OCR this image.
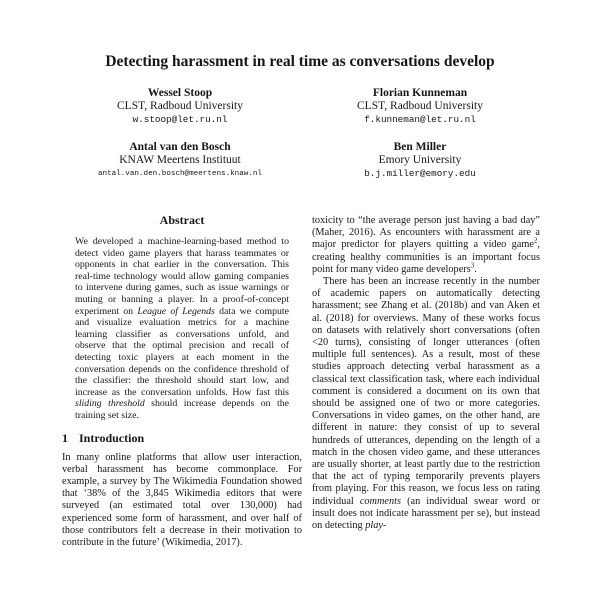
Detecting harassment in real time as conversations develop
Wessel Stoop
CLST, Radboud University
w.stoop@let.ru.nl
Florian Kunneman
CLST, Radboud University
f.kunneman@let.ru.nl
Antal van den Bosch
KNAW Meertens Instituut
antal.van.den.bosch@meertens.knaw.nl
Ben Miller
Emory University
b.j.miller@emory.edu
Abstract

We developed a machine-learning-based method to detect video game players that harass teammates or opponents in chat earlier in the conversation. This real-time technology would allow gaming companies to intervene during games, such as issue warnings or muting or banning a player. In a proof-of-concept experiment on League of Legends data we compute and visualize evaluation metrics for a machine learning classifier as conversations unfold, and observe that the optimal precision and recall of detecting toxic players at each moment in the conversation depends on the confidence threshold of the classifier: the threshold should start low, and increase as the conversation unfolds. How fast this sliding threshold should increase depends on the training set size.

1 Introduction

In many online platforms that allow user interaction, verbal harassment has become commonplace. For example, a survey by The Wikimedia Foundation showed that ‘38% of the 3,845 Wikimedia editors that were surveyed (an estimated total over 130,000) had experienced some form of harassment, and over half of those contributors felt a decrease in their motivation to contribute in the future’ (Wikimedia, 2017).

toxicity to “the average person just having a bad day” (Maher, 2016). As encounters with harassment are a major predictor for players quitting a video game$^2$, creating healthy communities is an important focus point for many video game developers$^3$.

There has been an increase recently in the number of academic papers on automatically detecting harassment; see Zhang et al. (2018b) and van Aken et al. (2018) for overviews. Many of these works focus on datasets with relatively short conversations (often <20 turns), consisting of longer utterances (often multiple full sentences). As a result, most of these studies approach detecting verbal harassment as a classical text classification task, where each individual comment is considered a document on its own that should be assigned one of two or more categories. Conversations in video games, on the other hand, are different in nature: they consist of up to several hundreds of utterances, depending on the length of a match in the chosen video game, and these utterances are usually shorter, at least partly due to the restriction that the act of typing temporarily prevents players from playing. For this reason, we focus less on rating individual comments (an individual swear word or insult does not indicate harassment per se), but instead on detecting play-
